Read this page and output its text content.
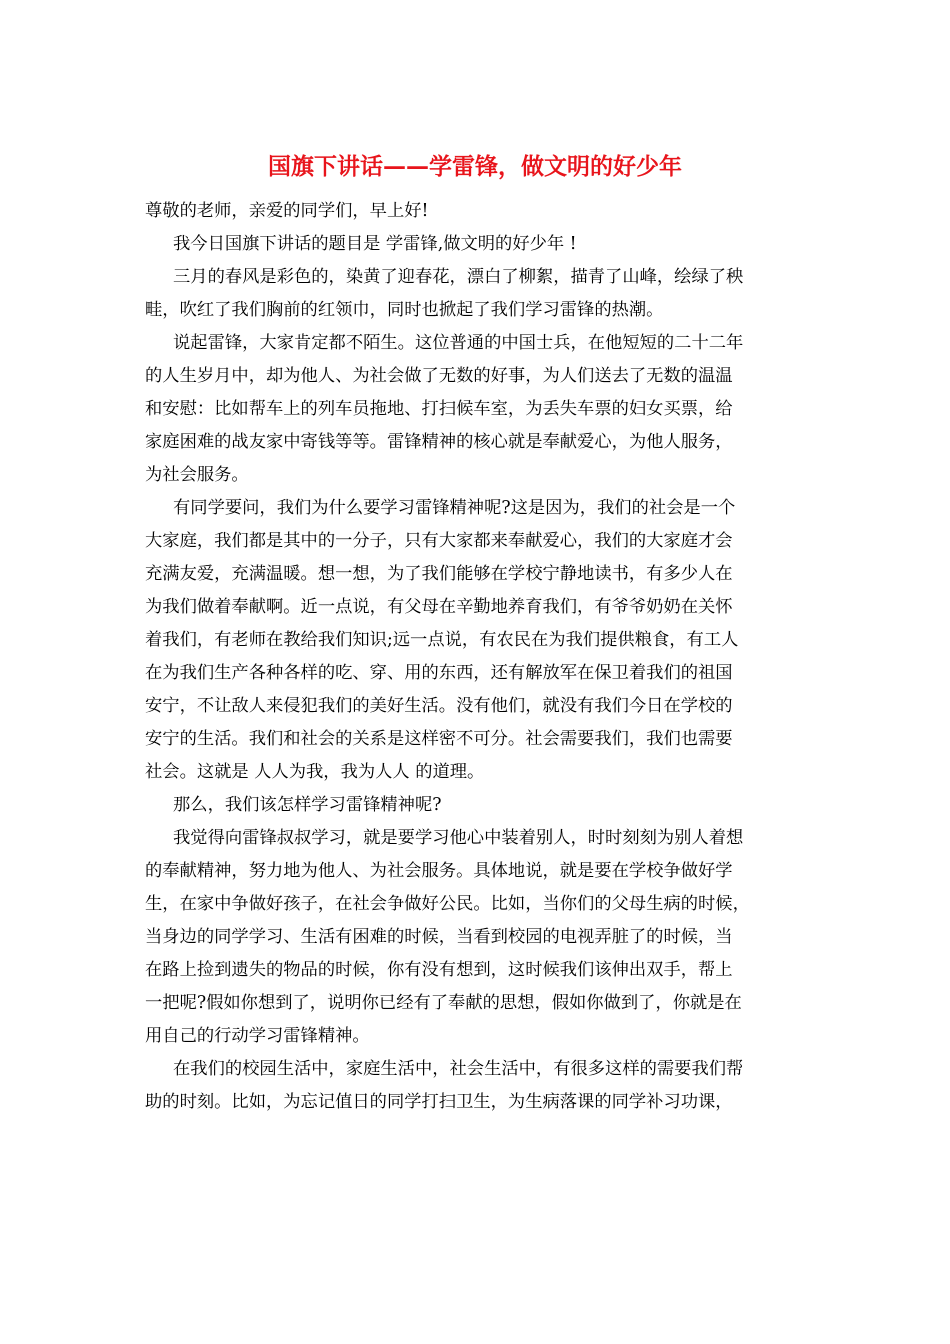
国旗下讲话——学雷锋，做文明的好少年
尊敬的老师，亲爱的同学们，早上好!
我今日国旗下讲话的题目是 学雷锋,做文明的好少年 !
三月的春风是彩色的，染黄了迎春花，漂白了柳絮，描青了山峰，绘绿了秧
畦，吹红了我们胸前的红领巾，同时也掀起了我们学习雷锋的热潮。
说起雷锋，大家肯定都不陌生。这位普通的中国士兵，在他短短的二十二年
的人生岁月中，却为他人、为社会做了无数的好事，为人们送去了无数的温温
和安慰：比如帮车上的列车员拖地、打扫候车室，为丢失车票的妇女买票，给
家庭困难的战友家中寄钱等等。雷锋精神的核心就是奉献爱心，为他人服务，
为社会服务。
有同学要问，我们为什么要学习雷锋精神呢?这是因为，我们的社会是一个
大家庭，我们都是其中的一分子，只有大家都来奉献爱心，我们的大家庭才会
充满友爱，充满温暖。想一想，为了我们能够在学校宁静地读书，有多少人在
为我们做着奉献啊。近一点说，有父母在辛勤地养育我们，有爷爷奶奶在关怀
着我们，有老师在教给我们知识;远一点说，有农民在为我们提供粮食，有工人
在为我们生产各种各样的吃、穿、用的东西，还有解放军在保卫着我们的祖国
安宁，不让敌人来侵犯我们的美好生活。没有他们，就没有我们今日在学校的
安宁的生活。我们和社会的关系是这样密不可分。社会需要我们，我们也需要
社会。这就是 人人为我，我为人人 的道理。
那么，我们该怎样学习雷锋精神呢?
我觉得向雷锋叔叔学习，就是要学习他心中装着别人，时时刻刻为别人着想
的奉献精神，努力地为他人、为社会服务。具体地说，就是要在学校争做好学
生，在家中争做好孩子，在社会争做好公民。比如，当你们的父母生病的时候，
当身边的同学学习、生活有困难的时候，当看到校园的电视弄脏了的时候，当
在路上捡到遗失的物品的时候，你有没有想到，这时候我们该伸出双手，帮上
一把呢?假如你想到了，说明你已经有了奉献的思想，假如你做到了，你就是在
用自己的行动学习雷锋精神。
在我们的校园生活中，家庭生活中，社会生活中，有很多这样的需要我们帮
助的时刻。比如，为忘记值日的同学打扫卫生，为生病落课的同学补习功课，
